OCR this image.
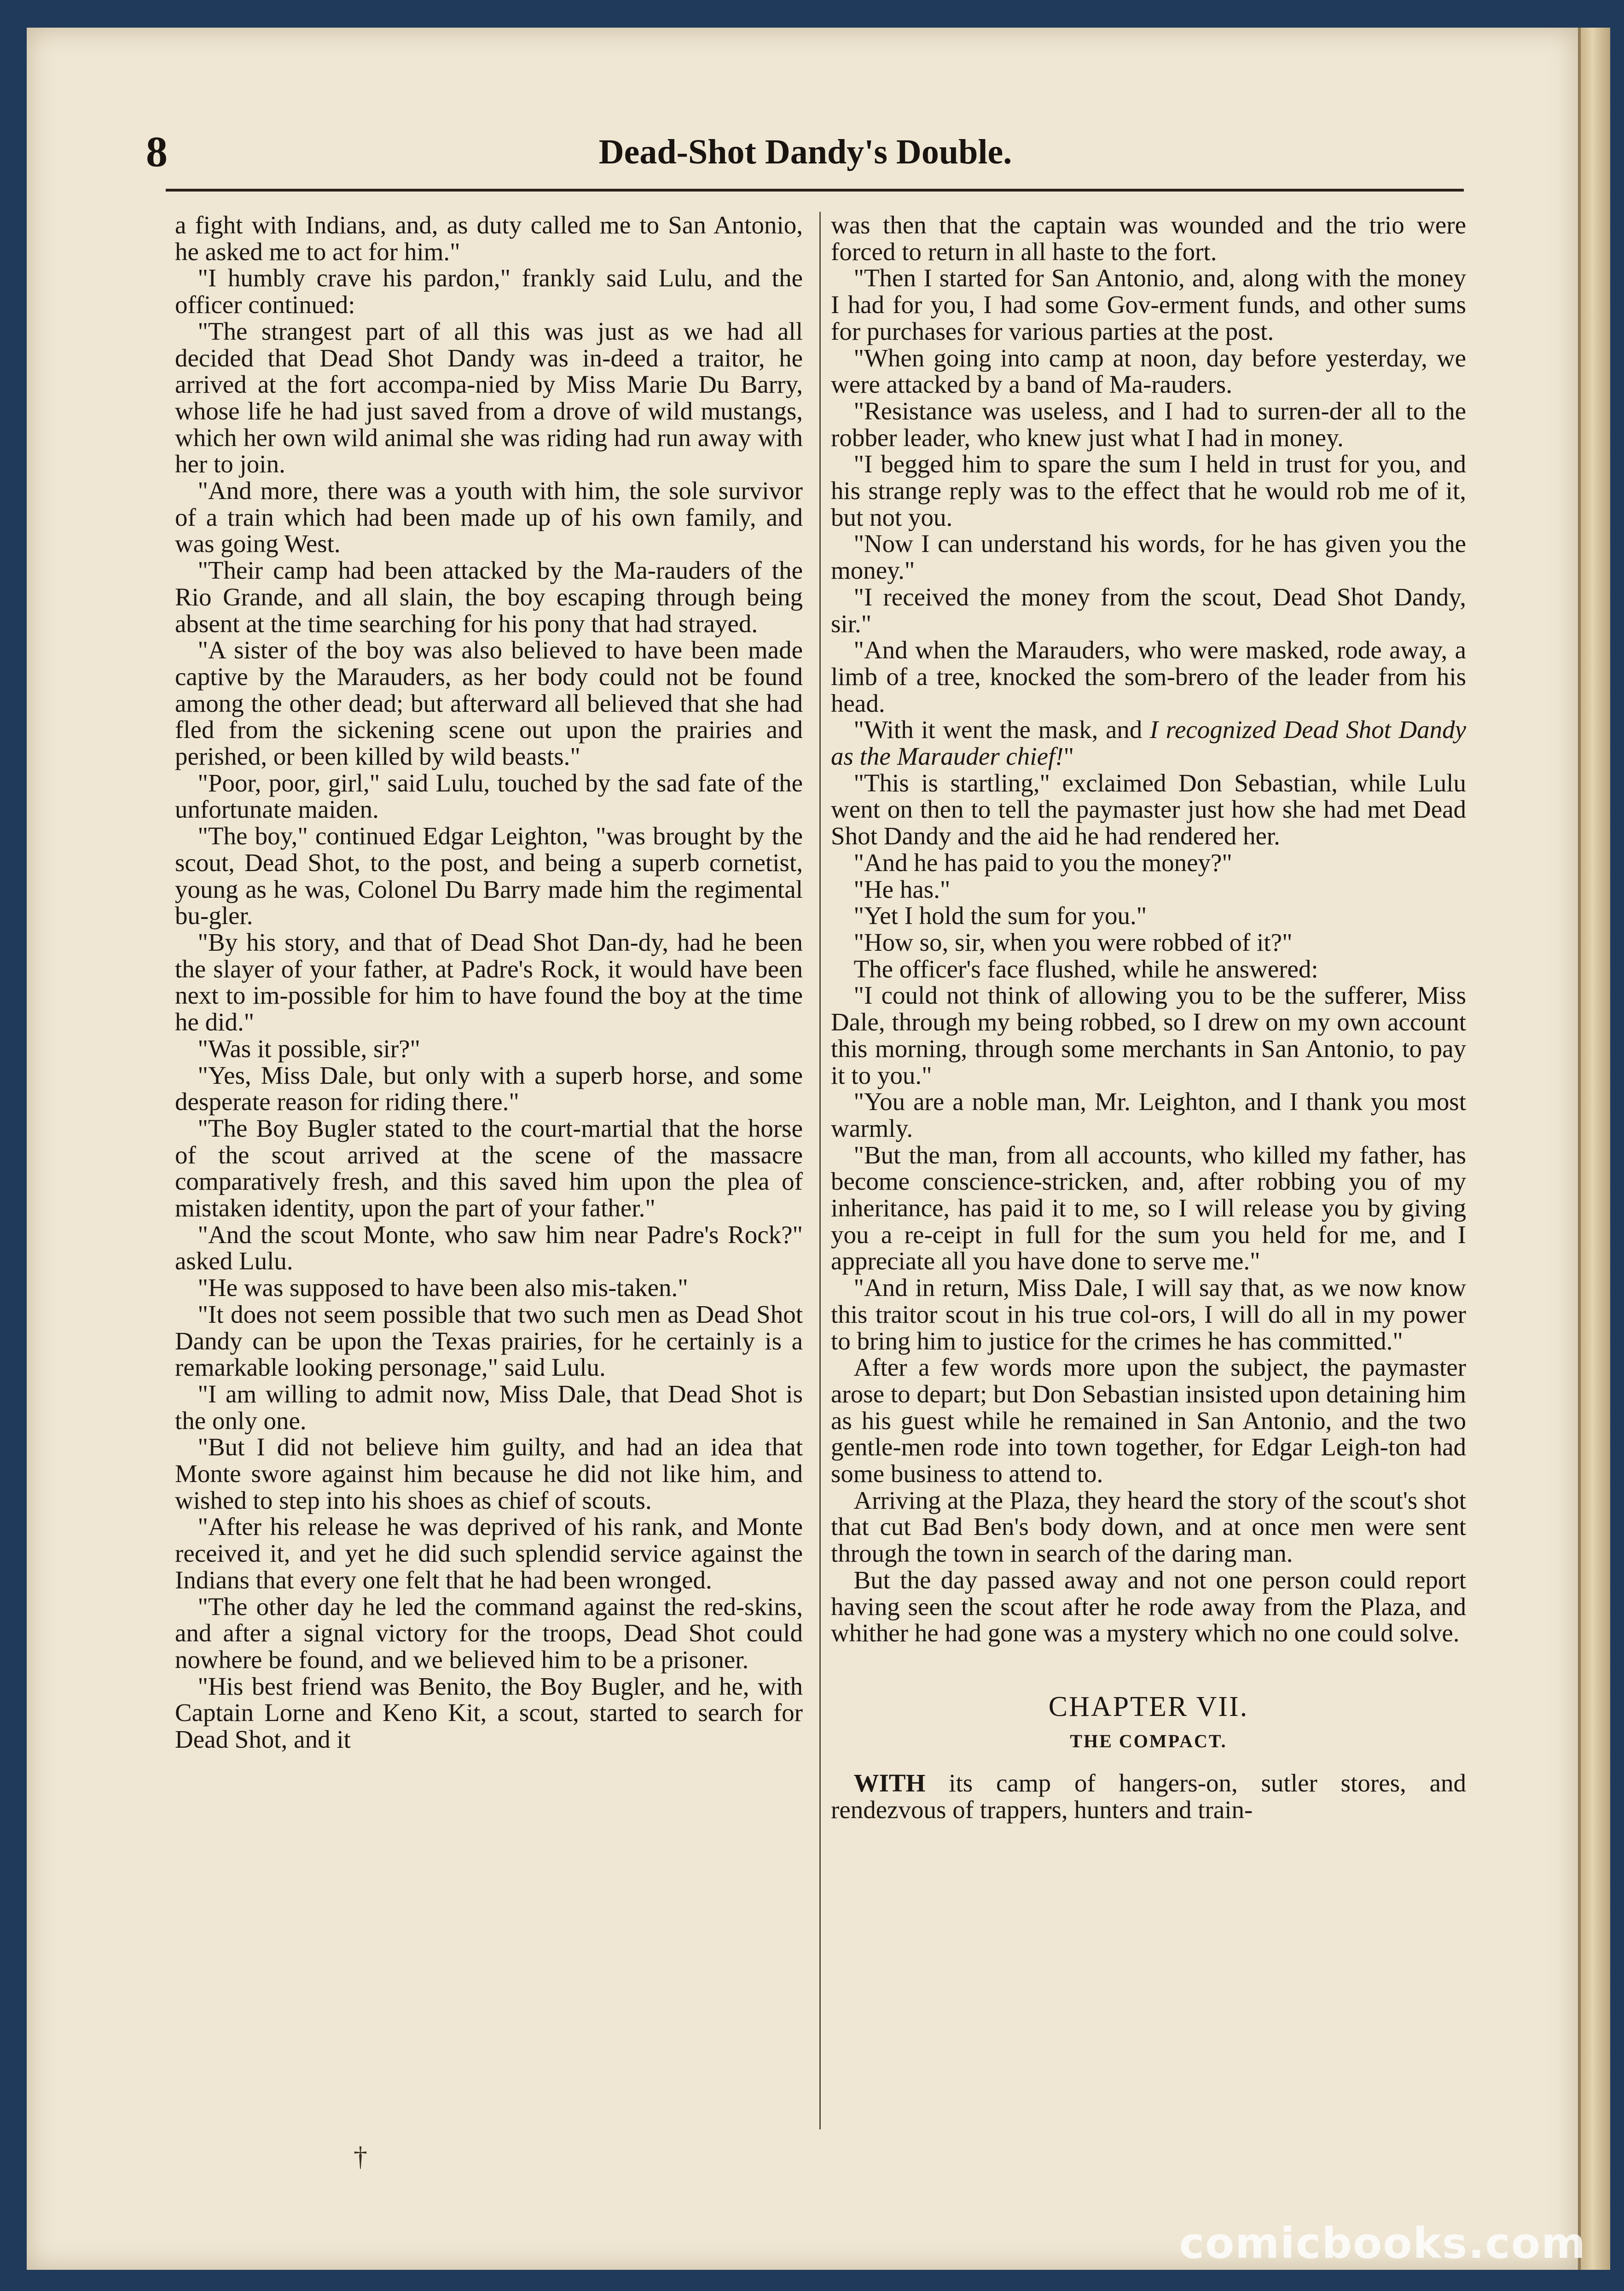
8	Dead-Shot Dandy's Double.

a fight with Indians, and, as duty called me to San Antonio, he asked me to act for him."

"I humbly crave his pardon," frankly said Lulu, and the officer continued:

"The strangest part of all this was just as we had all decided that Dead Shot Dandy was in-deed a traitor, he arrived at the fort accompa-nied by Miss Marie Du Barry, whose life he had just saved from a drove of wild mustangs, which her own wild animal she was riding had run away with her to join.

"And more, there was a youth with him, the sole survivor of a train which had been made up of his own family, and was going West.

"Their camp had been attacked by the Ma-rauders of the Rio Grande, and all slain, the boy escaping through being absent at the time searching for his pony that had strayed.

"A sister of the boy was also believed to have been made captive by the Marauders, as her body could not be found among the other dead; but afterward all believed that she had fled from the sickening scene out upon the prairies and perished, or been killed by wild beasts."

"Poor, poor, girl," said Lulu, touched by the sad fate of the unfortunate maiden.

"The boy," continued Edgar Leighton, "was brought by the scout, Dead Shot, to the post, and being a superb cornetist, young as he was, Colonel Du Barry made him the regimental bu-gler.

"By his story, and that of Dead Shot Dan-dy, had he been the slayer of your father, at Padre's Rock, it would have been next to im-possible for him to have found the boy at the time he did."

"Was it possible, sir?"

"Yes, Miss Dale, but only with a superb horse, and some desperate reason for riding there."

"The Boy Bugler stated to the court-martial that the horse of the scout arrived at the scene of the massacre comparatively fresh, and this saved him upon the plea of mistaken identity, upon the part of your father."

"And the scout Monte, who saw him near Padre's Rock?" asked Lulu.

"He was supposed to have been also mis-taken."

"It does not seem possible that two such men as Dead Shot Dandy can be upon the Texas prairies, for he certainly is a remarkable looking personage," said Lulu.

"I am willing to admit now, Miss Dale, that Dead Shot is the only one.

"But I did not believe him guilty, and had an idea that Monte swore against him because he did not like him, and wished to step into his shoes as chief of scouts.

"After his release he was deprived of his rank, and Monte received it, and yet he did such splendid service against the Indians that every one felt that he had been wronged.

"The other day he led the command against the red-skins, and after a signal victory for the troops, Dead Shot could nowhere be found, and we believed him to be a prisoner.

"His best friend was Benito, the Boy Bugler, and he, with Captain Lorne and Keno Kit, a scout, started to search for Dead Shot, and it

was then that the captain was wounded and the trio were forced to return in all haste to the fort.

"Then I started for San Antonio, and, along with the money I had for you, I had some Gov-erment funds, and other sums for purchases for various parties at the post.

"When going into camp at noon, day before yesterday, we were attacked by a band of Ma-rauders.

"Resistance was useless, and I had to surren-der all to the robber leader, who knew just what I had in money.

"I begged him to spare the sum I held in trust for you, and his strange reply was to the effect that he would rob me of it, but not you.

"Now I can understand his words, for he has given you the money."

"I received the money from the scout, Dead Shot Dandy, sir."

"And when the Marauders, who were masked, rode away, a limb of a tree, knocked the som-brero of the leader from his head.

"With it went the mask, and I recognized Dead Shot Dandy as the Marauder chief!"

"This is startling," exclaimed Don Sebastian, while Lulu went on then to tell the paymaster just how she had met Dead Shot Dandy and the aid he had rendered her.

"And he has paid to you the money?"

"He has."

"Yet I hold the sum for you."

"How so, sir, when you were robbed of it?"

The officer's face flushed, while he answered:

"I could not think of allowing you to be the sufferer, Miss Dale, through my being robbed, so I drew on my own account this morning, through some merchants in San Antonio, to pay it to you."

"You are a noble man, Mr. Leighton, and I thank you most warmly.

"But the man, from all accounts, who killed my father, has become conscience-stricken, and, after robbing you of my inheritance, has paid it to me, so I will release you by giving you a re-ceipt in full for the sum you held for me, and I appreciate all you have done to serve me."

"And in return, Miss Dale, I will say that, as we now know this traitor scout in his true col-ors, I will do all in my power to bring him to justice for the crimes he has committed."

After a few words more upon the subject, the paymaster arose to depart; but Don Sebastian insisted upon detaining him as his guest while he remained in San Antonio, and the two gentle-men rode into town together, for Edgar Leigh-ton had some business to attend to.

Arriving at the Plaza, they heard the story of the scout's shot that cut Bad Ben's body down, and at once men were sent through the town in search of the daring man.

But the day passed away and not one person could report having seen the scout after he rode away from the Plaza, and whither he had gone was a mystery which no one could solve.

CHAPTER VII.
THE COMPACT.

WITH its camp of hangers-on, sutler stores, and rendezvous of trappers, hunters and train-

†
comicbooks.com
